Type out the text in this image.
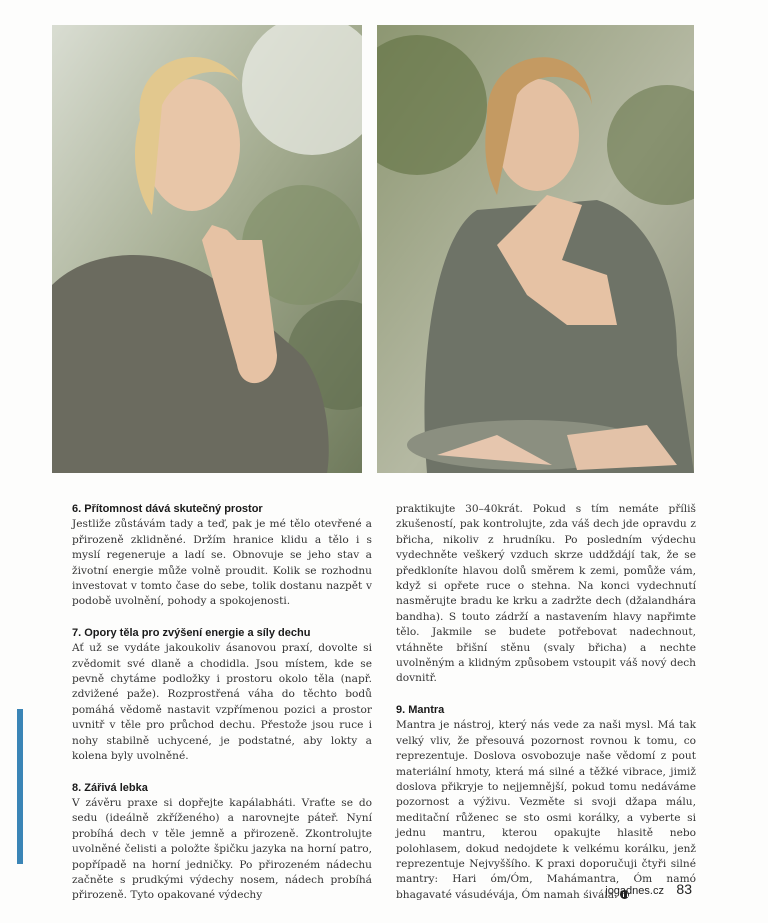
6. Přítomnost dává skutečný prostor

Jestliže zůstávám tady a teď, pak je mé tělo otevřené a přirozeně zklidněné. Držím hranice klidu a tělo i s myslí regeneruje a ladí se. Obnovuje se jeho stav a životní energie může volně proudit. Kolik se rozhodnu investovat v tomto čase do sebe, tolik dostanu nazpět v podobě uvolnění, pohody a spokojenosti.

7. Opory těla pro zvýšení energie a síly dechu

Ať už se vydáte jakoukoliv ásanovou praxí, dovolte si zvědomit své dlaně a chodidla. Jsou místem, kde se pevně chytáme podložky i prostoru okolo těla (např. zdvižené paže). Rozprostřená váha do těchto bodů pomáhá vědomě nastavit vzpřímenou pozici a prostor uvnitř v těle pro průchod dechu. Přestože jsou ruce i nohy stabilně uchycené, je podstatné, aby lokty a kolena byly uvolněné.

8. Zářivá lebka

V závěru praxe si dopřejte kapálabháti. Vraťte se do sedu (ideálně zkříženého) a narovnejte páteř. Nyní probíhá dech v těle jemně a přirozeně. Zkontrolujte uvolněné čelisti a položte špičku jazyka na horní patro, popřípadě na horní jedničky. Po přirozeném nádechu začněte s prudkými výdechy nosem, nádech probíhá přirozeně. Tyto opakované výdechy

praktikujte 30–40krát. Pokud s tím nemáte příliš zkušeností, pak kontrolujte, zda váš dech jde opravdu z břicha, nikoliv z hrudníku. Po posledním výdechu vydechněte veškerý vzduch skrze uddždájí tak, že se předkloníte hlavou dolů směrem k zemi, pomůže vám, když si opřete ruce o stehna. Na konci vydechnutí nasměrujte bradu ke krku a zadržte dech (džalandhára bandha). S touto zádrží a nastavením hlavy napřimte tělo. Jakmile se budete potřebovat nadechnout, vtáhněte břišní stěnu (svaly břicha) a nechte uvolněným a klidným způsobem vstoupit váš nový dech dovnitř.

9. Mantra

Mantra je nástroj, který nás vede za naši mysl. Má tak velký vliv, že přesouvá pozornost rovnou k tomu, co reprezentuje. Doslova osvobozuje naše vědomí z pout materiální hmoty, která má silné a těžké vibrace, jimiž doslova přikryje to nejjemnější, pokud tomu nedáváme pozornost a výživu. Vezměte si svoji džapa málu, meditační růženec se sto osmi korálky, a vyberte si jednu mantru, kterou opakujte hlasitě nebo polohlasem, dokud nedojdete k velkému korálku, jenž reprezentuje Nejvyššího. K praxi doporučuji čtyři silné mantry: Hari óm/Óm, Mahámantra, Óm namó bhagavaté vásudévája, Óm namah śiváia.

jogadnes.cz 83
